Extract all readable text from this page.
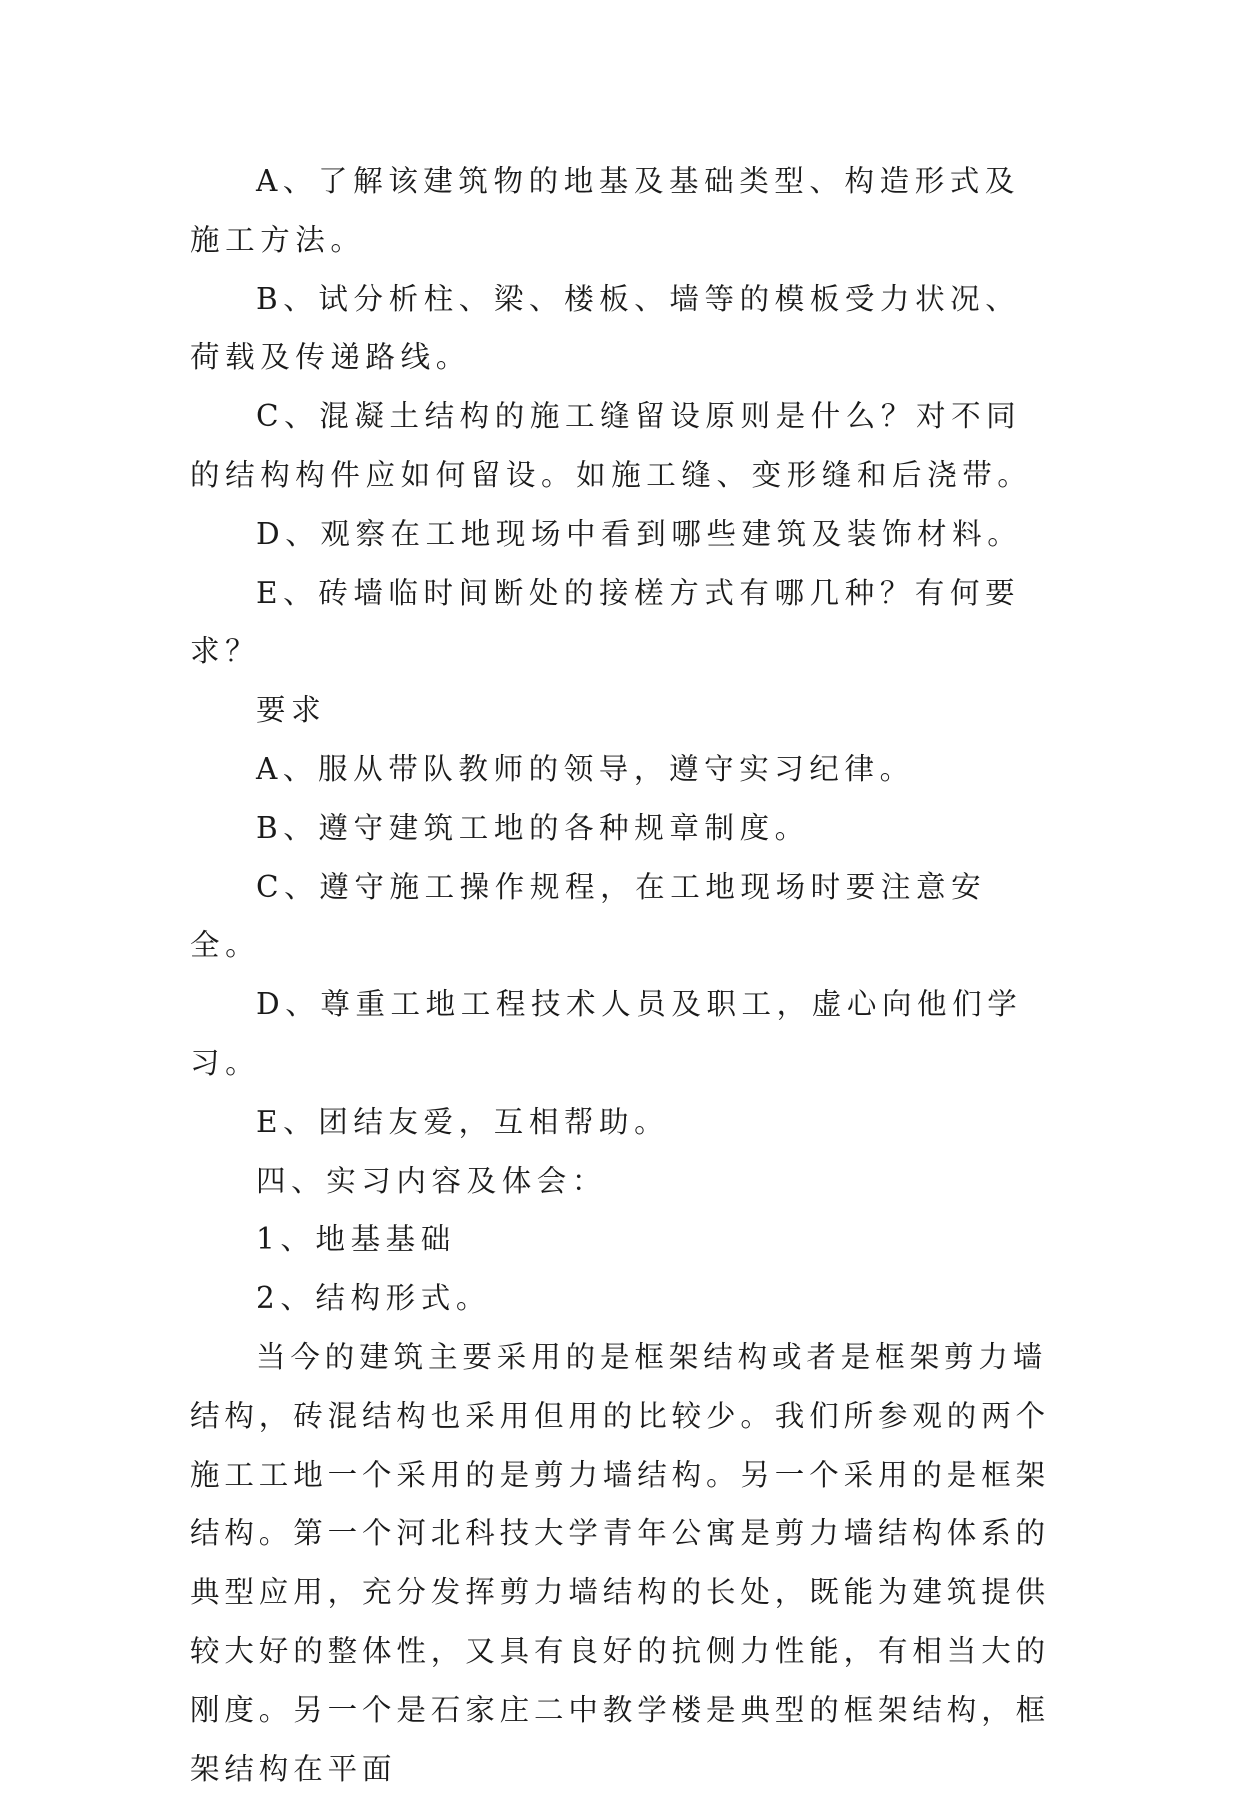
A、了解该建筑物的地基及基础类型、构造形式及施工方法。

B、试分析柱、梁、楼板、墙等的模板受力状况、荷载及传递路线。

C、混凝土结构的施工缝留设原则是什么？对不同的结构构件应如何留设。如施工缝、变形缝和后浇带。

D、观察在工地现场中看到哪些建筑及装饰材料。

E、砖墙临时间断处的接槎方式有哪几种？有何要求？

要求

A、服从带队教师的领导，遵守实习纪律。

B、遵守建筑工地的各种规章制度。

C、遵守施工操作规程，在工地现场时要注意安全。

D、尊重工地工程技术人员及职工，虚心向他们学习。

E、团结友爱，互相帮助。

四、实习内容及体会：

1、地基基础

2、结构形式。

当今的建筑主要采用的是框架结构或者是框架剪力墙结构，砖混结构也采用但用的比较少。我们所参观的两个施工工地一个采用的是剪力墙结构。另一个采用的是框架结构。第一个河北科技大学青年公寓是剪力墙结构体系的典型应用，充分发挥剪力墙结构的长处，既能为建筑提供较大好的整体性，又具有良好的抗侧力性能，有相当大的刚度。另一个是石家庄二中教学楼是典型的框架结构，框架结构在平面
